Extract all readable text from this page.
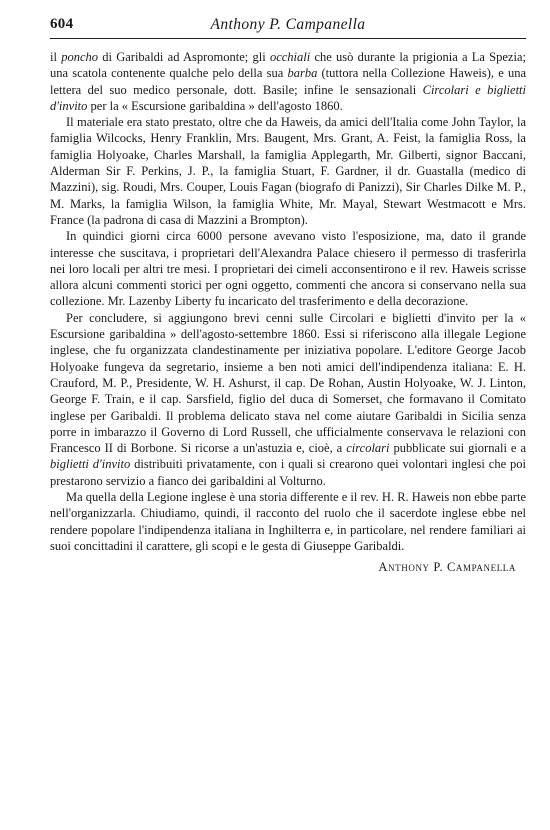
604	Anthony P. Campanella

il poncho di Garibaldi ad Aspromonte; gli occhiali che usò durante la prigionia a La Spezia; una scatola contenente qualche pelo della sua barba (tuttora nella Collezione Haweis), e una lettera del suo medico personale, dott. Basile; infine le sensazionali Circolari e biglietti d'invito per la « Escursione garibaldina » dell'agosto 1860.

Il materiale era stato prestato, oltre che da Haweis, da amici dell'Italia come John Taylor, la famiglia Wilcocks, Henry Franklin, Mrs. Baugent, Mrs. Grant, A. Feist, la famiglia Ross, la famiglia Holyoake, Charles Marshall, la famiglia Applegarth, Mr. Gilberti, signor Baccani, Alderman Sir F. Perkins, J. P., la famiglia Stuart, F. Gardner, il dr. Guastalla (medico di Mazzini), sig. Roudi, Mrs. Couper, Louis Fagan (biografo di Panizzi), Sir Charles Dilke M. P., M. Marks, la famiglia Wilson, la famiglia White, Mr. Mayal, Stewart Westmacott e Mrs. France (la padrona di casa di Mazzini a Brompton).

In quindici giorni circa 6000 persone avevano visto l'esposizione, ma, dato il grande interesse che suscitava, i proprietari dell'Alexandra Palace chiesero il permesso di trasferirla nei loro locali per altri tre mesi. I proprietari dei cimeli acconsentirono e il rev. Haweis scrisse allora alcuni commenti storici per ogni oggetto, commenti che ancora si conservano nella sua collezione. Mr. Lazenby Liberty fu incaricato del trasferimento e della decorazione.

Per concludere, si aggiungono brevi cenni sulle Circolari e biglietti d'invito per la « Escursione garibaldina » dell'agosto-settembre 1860. Essi si riferiscono alla illegale Legione inglese, che fu organizzata clandestinamente per iniziativa popolare. L'editore George Jacob Holyoake fungeva da segretario, insieme a ben noti amici dell'indipendenza italiana: E. H. Crauford, M. P., Presidente, W. H. Ashurst, il cap. De Rohan, Austin Holyoake, W. J. Linton, George F. Train, e il cap. Sarsfield, figlio del duca di Somerset, che formavano il Comitato inglese per Garibaldi. Il problema delicato stava nel come aiutare Garibaldi in Sicilia senza porre in imbarazzo il Governo di Lord Russell, che ufficialmente conservava le relazioni con Francesco II di Borbone. Si ricorse a un'astuzia e, cioè, a circolari pubblicate sui giornali e a biglietti d'invito distribuiti privatamente, con i quali si crearono quei volontari inglesi che poi prestarono servizio a fianco dei garibaldini al Volturno.

Ma quella della Legione inglese è una storia differente e il rev. H. R. Haweis non ebbe parte nell'organizzarla. Chiudiamo, quindi, il racconto del ruolo che il sacerdote inglese ebbe nel rendere popolare l'indipendenza italiana in Inghilterra e, in particolare, nel rendere familiari ai suoi concittadini il carattere, gli scopi e le gesta di Giuseppe Garibaldi.

Anthony P. Campanella
